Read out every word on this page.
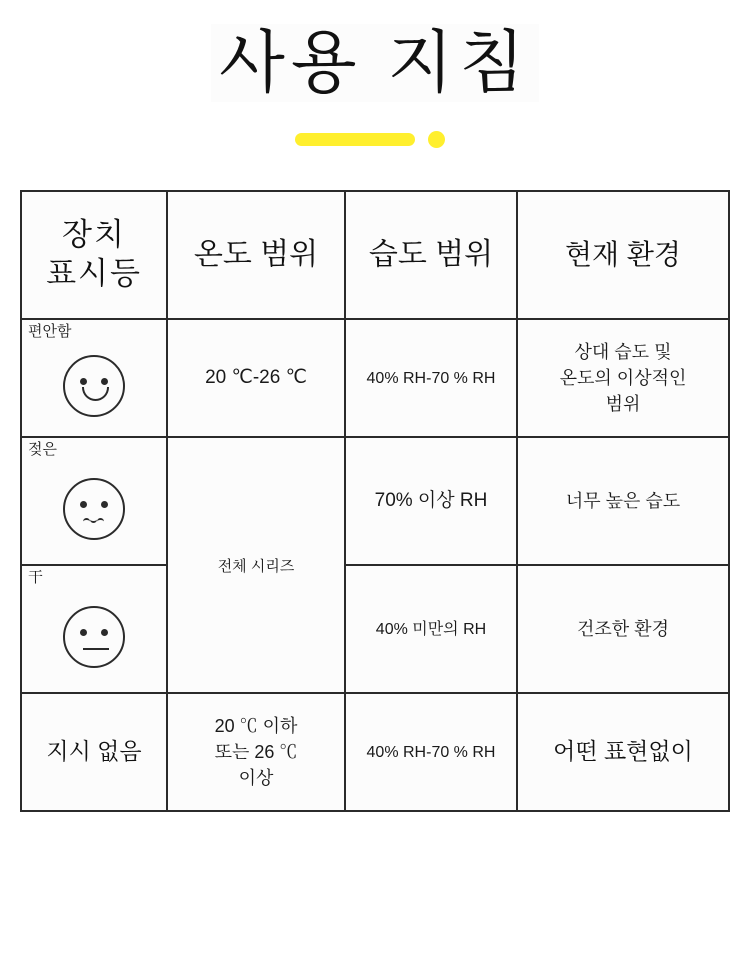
사용 지침
장치
표시등	온도 범위	습도 범위	현재 환경

편안함	20 ℃-26 ℃	40% RH-70 % RH	상대 습도 및
온도의 이상적인
범위

젖은	전체 시리즈	70% 이상 RH	너무 높은 습도

干		40% 미만의 RH	건조한 환경
지시 없음	20 ℃ 이하
또는 26 ℃
이상	40% RH-70 % RH	어떤 표현없이
